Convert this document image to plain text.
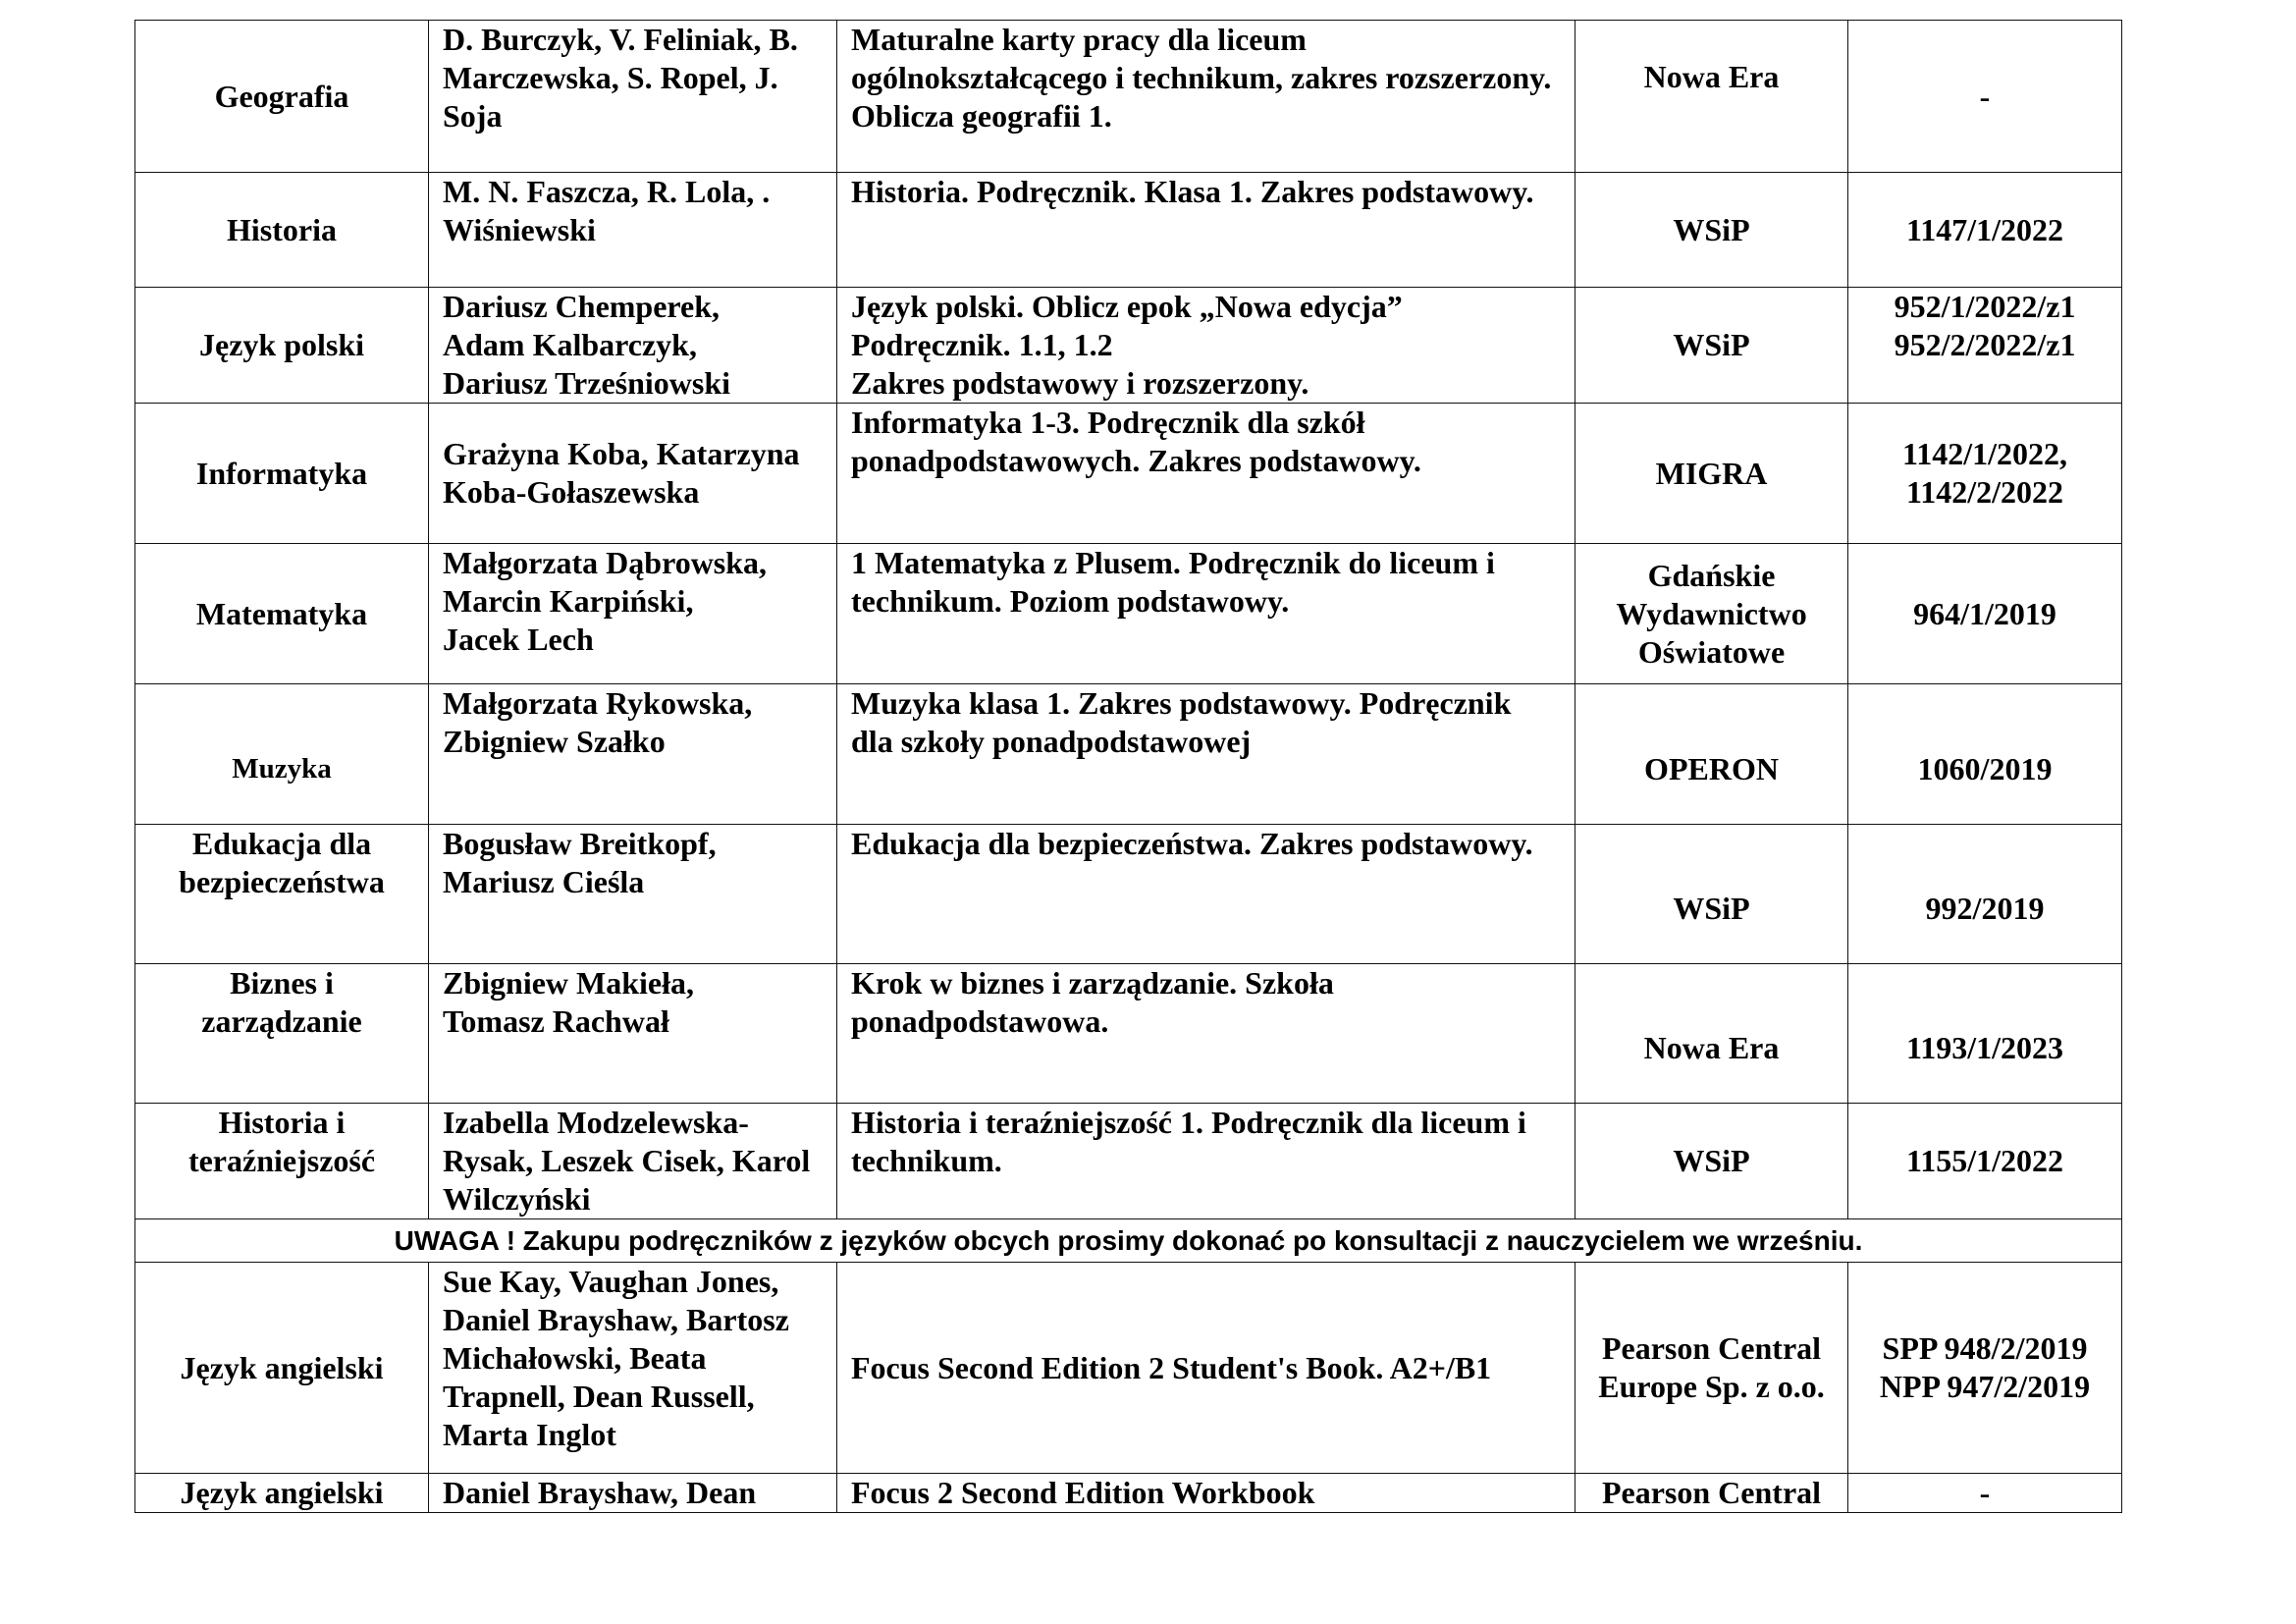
Geografia	D. Burczyk, V. Feliniak, B. Marczewska, S. Ropel, J. Soja	Maturalne karty pracy dla liceum ogólnokształcącego i technikum, zakres rozszerzony. Oblicza geografii 1.	Nowa Era	-

Historia	M. N. Faszcza, R. Lola, . Wiśniewski	Historia. Podręcznik. Klasa 1. Zakres podstawowy.	WSiP	1147/1/2022

Język polski	Dariusz Chemperek,
Adam Kalbarczyk,
Dariusz Trześniowski	Język polski. Oblicz epok „Nowa edycja”
Podręcznik. 1.1, 1.2
Zakres podstawowy i rozszerzony.	WSiP	952/1/2022/z1
952/2/2022/z1

Informatyka	Grażyna Koba, Katarzyna Koba-Gołaszewska	Informatyka 1-3. Podręcznik dla szkół ponadpodstawowych. Zakres podstawowy.	MIGRA	1142/1/2022,
1142/2/2022

Matematyka	Małgorzata Dąbrowska,
Marcin Karpiński,
Jacek Lech	1 Matematyka z Plusem. Podręcznik do liceum i technikum. Poziom podstawowy.	Gdańskie Wydawnictwo Oświatowe	964/1/2019

Muzyka	Małgorzata Rykowska,
Zbigniew Szałko	Muzyka klasa 1. Zakres podstawowy. Podręcznik dla szkoły ponadpodstawowej	OPERON	1060/2019

Edukacja dla bezpieczeństwa	Bogusław Breitkopf,
Mariusz Cieśla	Edukacja dla bezpieczeństwa. Zakres podstawowy.	WSiP	992/2019

Biznes i zarządzanie	Zbigniew Makieła,
Tomasz Rachwał	Krok w biznes i zarządzanie. Szkoła ponadpodstawowa.	Nowa Era	1193/1/2023

Historia i teraźniejszość	Izabella Modzelewska-Rysak, Leszek Cisek, Karol Wilczyński	Historia i teraźniejszość 1. Podręcznik dla liceum i technikum.	WSiP	1155/1/2022

UWAGA ! Zakupu podręczników z języków obcych prosimy dokonać po konsultacji z nauczycielem we wrześniu.				

Język angielski	Sue Kay, Vaughan Jones, Daniel Brayshaw, Bartosz Michałowski, Beata Trapnell, Dean Russell, Marta Inglot	Focus Second Edition 2 Student's Book. A2+/B1	Pearson Central Europe Sp. z o.o.	SPP 948/2/2019
NPP 947/2/2019

Język angielski	Daniel Brayshaw, Dean	Focus 2 Second Edition Workbook	Pearson Central	-
